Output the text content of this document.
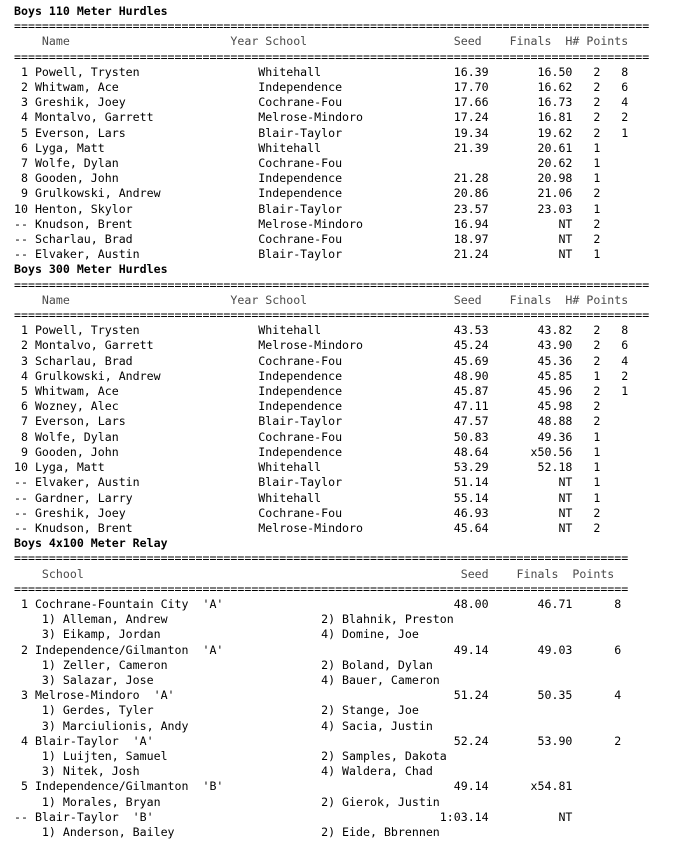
Boys 110 Meter Hurdles
===========================================================================================
Name                       Year School                     Seed    Finals  H# Points
===========================================================================================
1 Powell, Trysten                 Whitehall                   16.39       16.50   2   8
2 Whitwam, Ace                    Independence                17.70       16.62   2   6
3 Greshik, Joey                   Cochrane-Fou                17.66       16.73   2   4
4 Montalvo, Garrett               Melrose-Mindoro             17.24       16.81   2   2
5 Everson, Lars                   Blair-Taylor                19.34       19.62   2   1
6 Lyga, Matt                      Whitehall                   21.39       20.61   1
7 Wolfe, Dylan                    Cochrane-Fou                            20.62   1
8 Gooden, John                    Independence                21.28       20.98   1
9 Grulkowski, Andrew              Independence                20.86       21.06   2
10 Henton, Skylor                  Blair-Taylor                23.57       23.03   1
-- Knudson, Brent                  Melrose-Mindoro             16.94          NT   2
-- Scharlau, Brad                  Cochrane-Fou                18.97          NT   2
-- Elvaker, Austin                 Blair-Taylor                21.24          NT   1
Boys 300 Meter Hurdles
===========================================================================================
Name                       Year School                     Seed    Finals  H# Points
===========================================================================================
1 Powell, Trysten                 Whitehall                   43.53       43.82   2   8
2 Montalvo, Garrett               Melrose-Mindoro             45.24       43.90   2   6
3 Scharlau, Brad                  Cochrane-Fou                45.69       45.36   2   4
4 Grulkowski, Andrew              Independence                48.90       45.85   1   2
5 Whitwam, Ace                    Independence                45.87       45.96   2   1
6 Wozney, Alec                    Independence                47.11       45.98   2
7 Everson, Lars                   Blair-Taylor                47.57       48.88   2
8 Wolfe, Dylan                    Cochrane-Fou                50.83       49.36   1
9 Gooden, John                    Independence                48.64      x50.56   1
10 Lyga, Matt                      Whitehall                   53.29       52.18   1
-- Elvaker, Austin                 Blair-Taylor                51.14          NT   1
-- Gardner, Larry                  Whitehall                   55.14          NT   1
-- Greshik, Joey                   Cochrane-Fou                46.93          NT   2
-- Knudson, Brent                  Melrose-Mindoro             45.64          NT   2
Boys 4x100 Meter Relay
========================================================================================
School                                                      Seed    Finals  Points
========================================================================================
1 Cochrane-Fountain City  'A'                                 48.00       46.71      8
1) Alleman, Andrew                      2) Blahnik, Preston
3) Eikamp, Jordan                       4) Domine, Joe
2 Independence/Gilmanton  'A'                                 49.14       49.03      6
1) Zeller, Cameron                      2) Boland, Dylan
3) Salazar, Jose                        4) Bauer, Cameron
3 Melrose-Mindoro  'A'                                        51.24       50.35      4
1) Gerdes, Tyler                        2) Stange, Joe
3) Marciulionis, Andy                   4) Sacia, Justin
4 Blair-Taylor  'A'                                           52.24       53.90      2
1) Luijten, Samuel                      2) Samples, Dakota
3) Nitek, Josh                          4) Waldera, Chad
5 Independence/Gilmanton  'B'                                 49.14      x54.81
1) Morales, Bryan                       2) Gierok, Justin
-- Blair-Taylor  'B'                                         1:03.14          NT
1) Anderson, Bailey                     2) Eide, Bbrennen
